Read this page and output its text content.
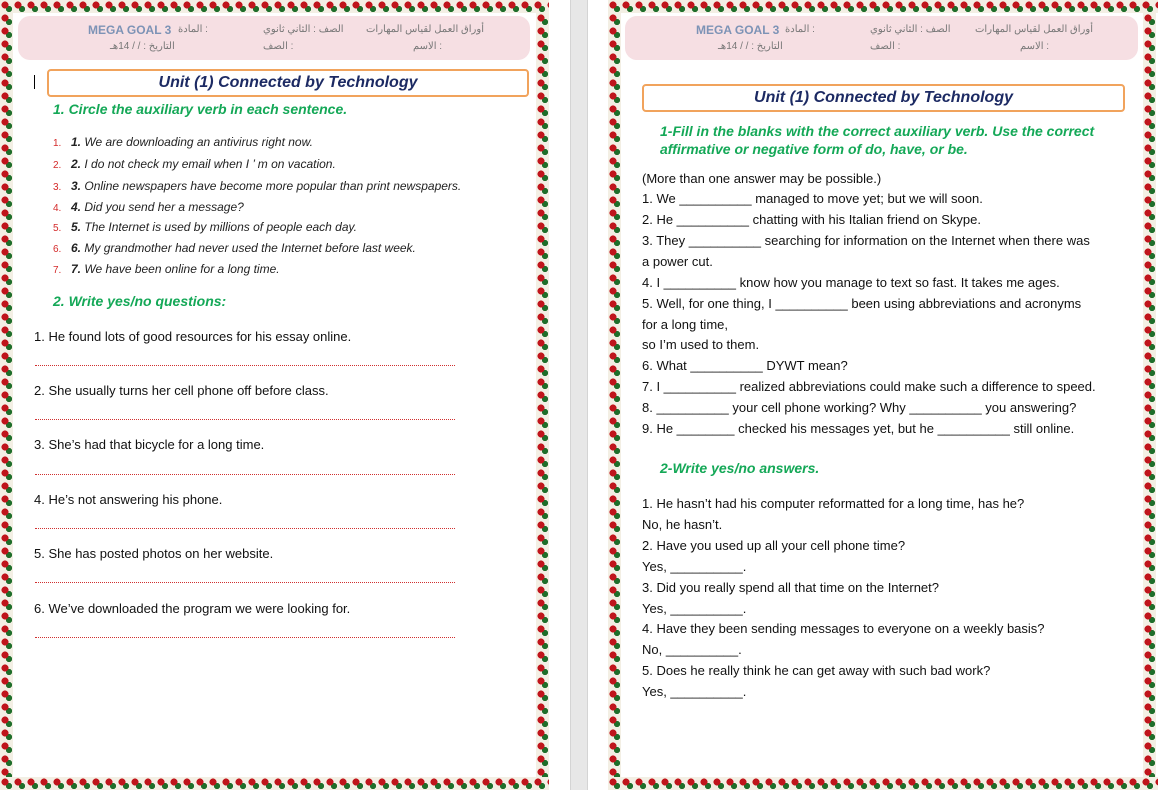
MEGA GOAL 3 المادة :	الصف : الثاني ثانوي أوراق العمل لقياس المهارات
التاريخ : / / 14هـ	الصف :	الاسم :
Unit (1) Connected by Technology
1. Circle the auxiliary verb in each sentence.
1. 1. We are downloading an antivirus right now.
2. 2. I do not check my email when I ’ m on vacation.
3. 3. Online newspapers have become more popular than print newspapers.
4. 4. Did you send her a message?
5. 5. The Internet is used by millions of people each day.
6. 6. My grandmother had never used the Internet before last week.
7. 7. We have been online for a long time.
2. Write yes/no questions:
1. He found lots of good resources for his essay online.
2. She usually turns her cell phone off before class.
3. She’s had that bicycle for a long time.
4. He’s not answering his phone.
5. She has posted photos on her website.
6. We’ve downloaded the program we were looking for.
MEGA GOAL 3 المادة :	الصف : الثاني ثانوي أوراق العمل لقياس المهارات
التاريخ : / / 14هـ	الصف :	الاسم :
Unit (1) Connected by Technology
1-Fill in the blanks with the correct auxiliary verb. Use the correct
affirmative or negative form of do, have, or be.
(More than one answer may be possible.)
1. We __________ managed to move yet; but we will soon.
2. He __________ chatting with his Italian friend on Skype.
3. They __________ searching for information on the Internet when there was
a power cut.
4. I __________ know how you manage to text so fast. It takes me ages.
5. Well, for one thing, I __________ been using abbreviations and acronyms
for a long time,
so I’m used to them.
6. What __________ DYWT mean?
7. I __________ realized abbreviations could make such a difference to speed.
8. __________ your cell phone working? Why __________ you answering?
9. He ________ checked his messages yet, but he __________ still online.
2-Write yes/no answers.
1. He hasn’t had his computer reformatted for a long time, has he?
No, he hasn’t.
2. Have you used up all your cell phone time?
Yes, __________.
3. Did you really spend all that time on the Internet?
Yes, __________.
4. Have they been sending messages to everyone on a weekly basis?
No, __________.
5. Does he really think he can get away with such bad work?
Yes, __________.
